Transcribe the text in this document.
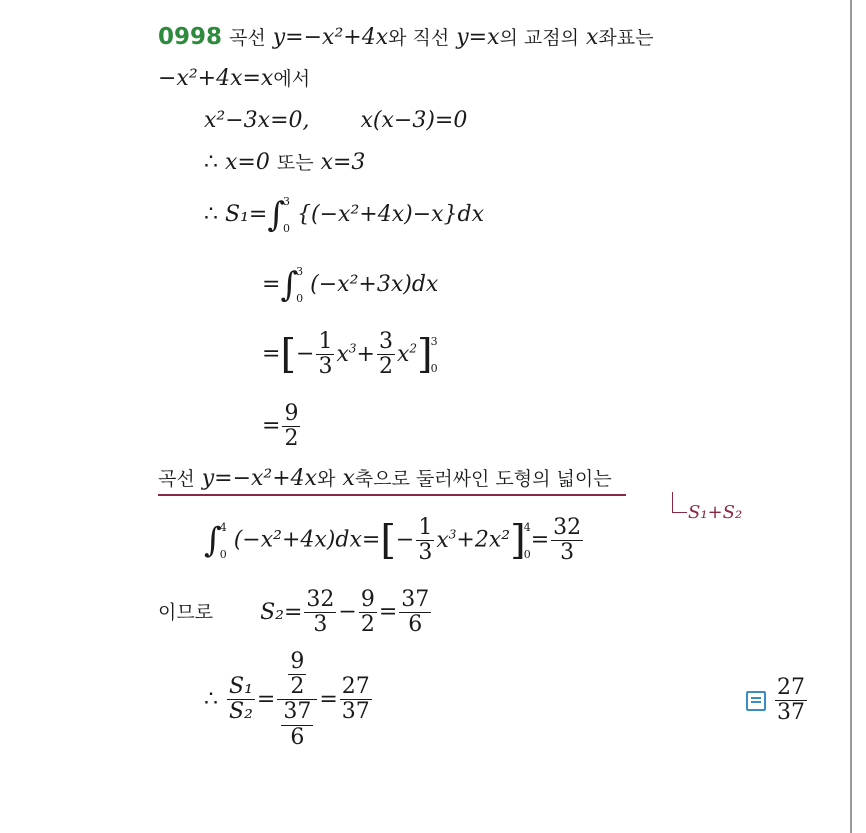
0998 곡선 y=−x²+4x와 직선 y=x의 교점의 x좌표는
−x²+4x=x에서
x²−3x=0, x(x−3)=0
∴ x=0 또는 x=3
∴ S₁=∫
3
0
{(−x²+4x)−x}dx
=∫
3
0
(−x²+3x)dx
=[− $\frac{1}{3} x^3+ \frac{3}{2} x^2$]
3
0
= $\frac{9}{2}$
곡선 y=−x²+4x와 x축으로 둘러싸인 도형의 넓이는
S₁+S₂
∫
4
0
$(-x^2+4x)dx=[- \frac{1}{3} x^3+2x^2]$
4
0
= $\frac{32}{3}$
이므로 $S_2= \frac{32}{3} - \frac{9}{2} = \frac{37}{6}$
∴ $\frac{\text{S₁}}{\text{S₂}} = \frac{\frac{9}{2}}{\frac{37}{6}} = \frac{27}{37}$
	$\frac{27}{37}$
